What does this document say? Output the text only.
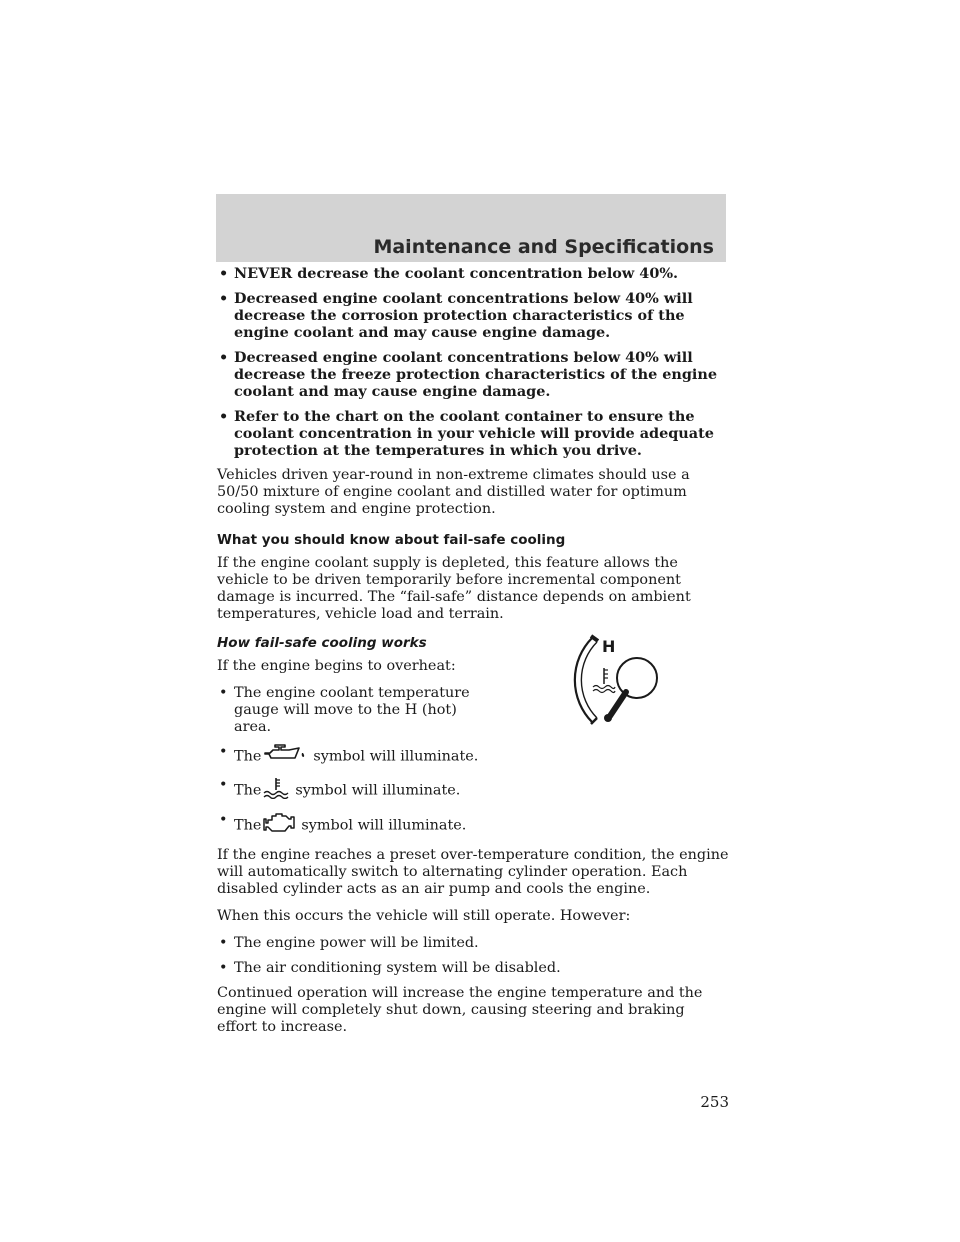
Maintenance and Specifications
• NEVER decrease the coolant concentration below 40%.
• Decreased engine coolant concentrations below 40% will decrease the corrosion protection characteristics of the engine coolant and may cause engine damage.
• Decreased engine coolant concentrations below 40% will decrease the freeze protection characteristics of the engine coolant and may cause engine damage.
• Refer to the chart on the coolant container to ensure the coolant concentration in your vehicle will provide adequate protection at the temperatures in which you drive.

Vehicles driven year-round in non-extreme climates should use a 50/50 mixture of engine coolant and distilled water for optimum cooling system and engine protection.

What you should know about fail-safe cooling

If the engine coolant supply is depleted, this feature allows the vehicle to be driven temporarily before incremental component damage is incurred. The “fail-safe” distance depends on ambient temperatures, vehicle load and terrain.

How fail-safe cooling works

If the engine begins to overheat:

• The engine coolant temperature gauge will move to the H (hot) area.
• The	symbol will illuminate.
• The symbol will illuminate.
• The	symbol will illuminate.

If the engine reaches a preset over-temperature condition, the engine will automatically switch to alternating cylinder operation. Each disabled cylinder acts as an air pump and cools the engine.

When this occurs the vehicle will still operate. However:

• The engine power will be limited.
• The air conditioning system will be disabled.

Continued operation will increase the engine temperature and the engine will completely shut down, causing steering and braking effort to increase.

H
253
